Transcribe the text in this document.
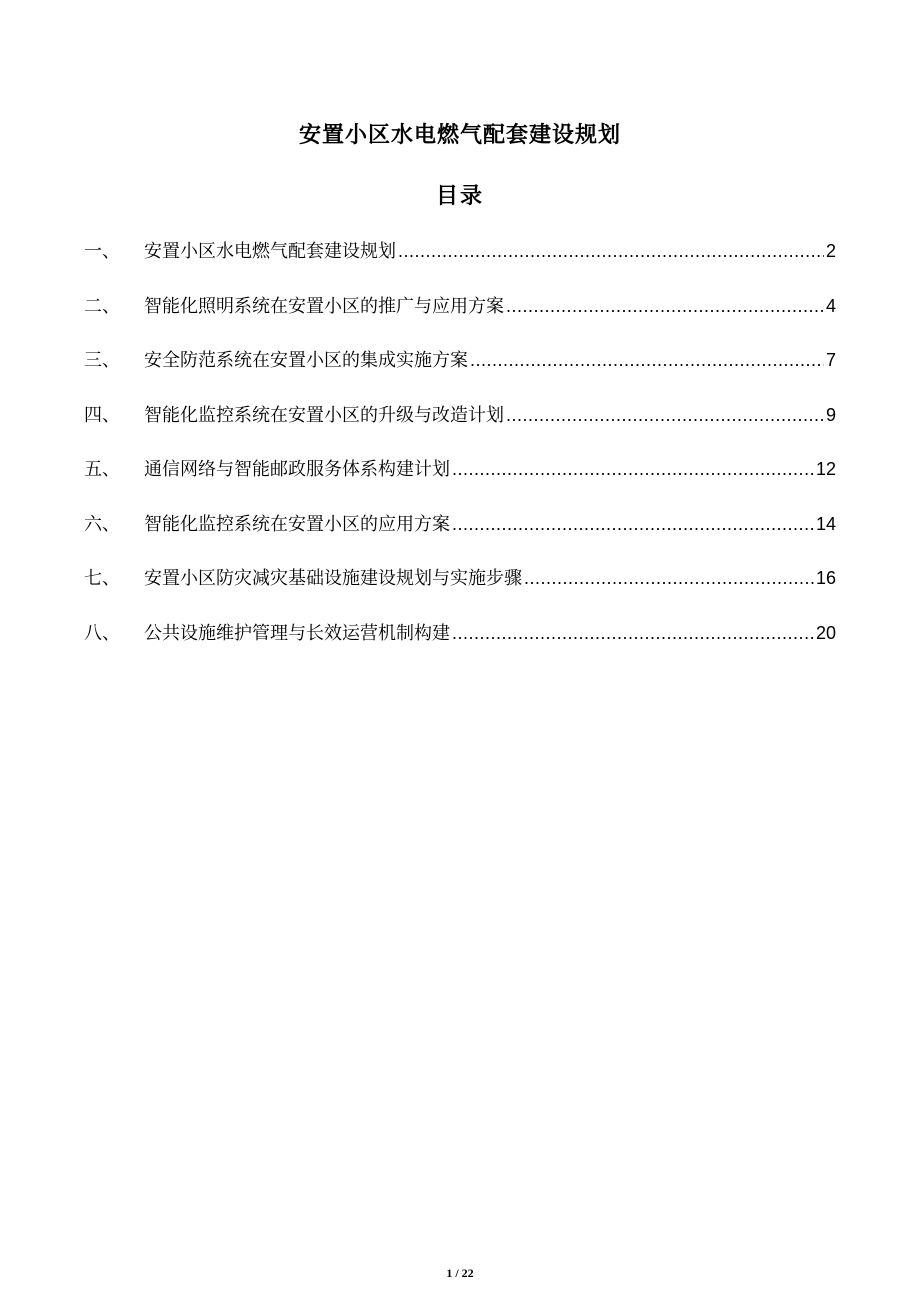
安置小区水电燃气配套建设规划
目录
一、	安置小区水电燃气配套建设规划 .....	2
二、	智能化照明系统在安置小区的推广与应用方案 .....	4
三、	安全防范系统在安置小区的集成实施方案 .....	7
四、	智能化监控系统在安置小区的升级与改造计划 .....	9
五、	通信网络与智能邮政服务体系构建计划 .....	12
六、	智能化监控系统在安置小区的应用方案 .....	14
七、	安置小区防灾减灾基础设施建设规划与实施步骤 .....	16
八、	公共设施维护管理与长效运营机制构建 .....	20
1 / 22
